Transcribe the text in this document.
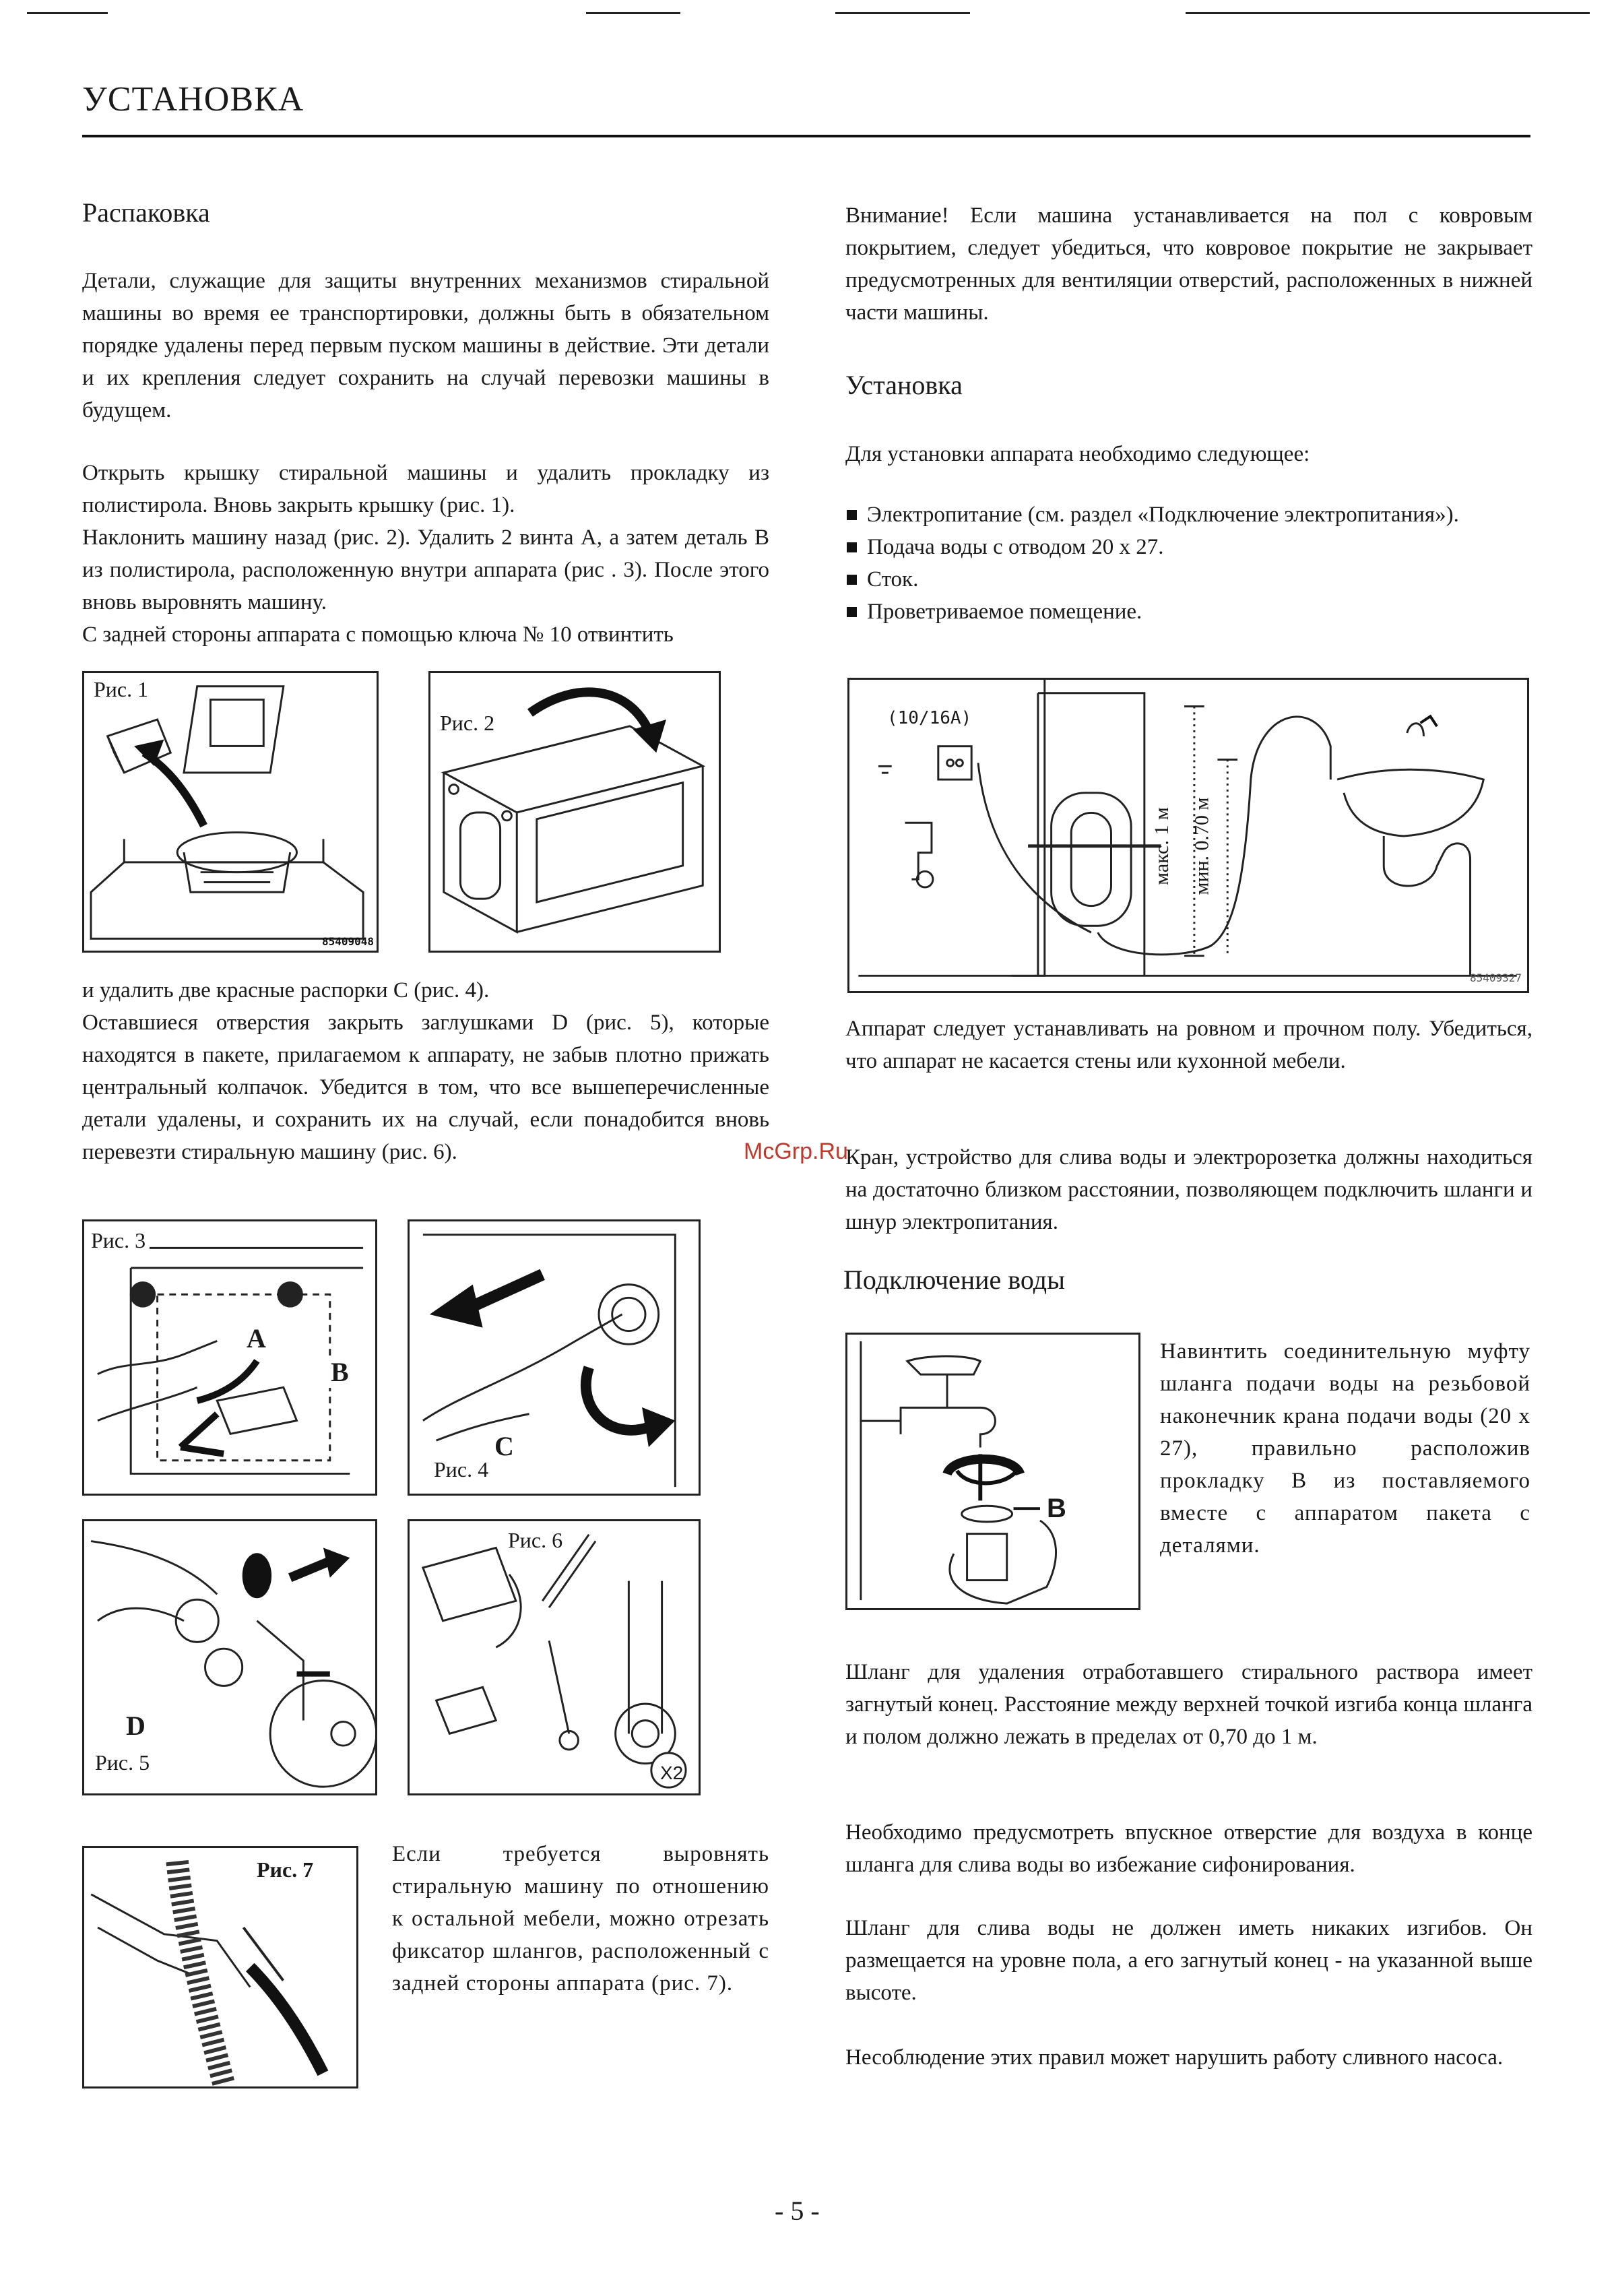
УСТАНОВКА
Распаковка
Детали, служащие для защиты внутренних механизмов стиральной машины во время ее транспортировки, должны быть в обязательном порядке удалены перед первым пуском машины в действие. Эти детали и их крепления следует сохранить на случай перевозки машины в будущем.
Открыть крышку стиральной машины и удалить прокладку из полистирола. Вновь закрыть крышку (рис. 1).
Наклонить машину назад (рис. 2). Удалить 2 винта A, а затем деталь B из полистирола, расположенную внутри аппарата (рис . 3). После этого вновь выровнять машину.
С задней стороны аппарата с помощью ключа № 10 отвинтить
Рис. 1
85409048
Рис. 2
и удалить две красные распорки C (рис. 4).
Оставшиеся отверстия закрыть заглушками D (рис. 5), которые находятся в пакете, прилагаемом к аппарату, не забыв плотно прижать центральный колпачок. Убедится в том, что все вышеперечисленные детали удалены, и сохранить их на случай, если понадобится вновь перевезти стиральную машину (рис. 6).
Рис. 3
A
B
Рис. 4
C
D
Рис. 5
Рис. 6
X2
Рис. 7
Если требуется выровнять стиральную машину по отношению к остальной мебели, можно отрезать фиксатор шлангов, расположенный с задней стороны аппарата (рис. 7).
Внимание! Если машина устанавливается на пол с ковровым покрытием, следует убедиться, что ковровое покрытие не закрывает предусмотренных для вентиляции отверстий, расположенных в нижней части машины.
Установка
Для установки аппарата необходимо следующее:
Электропитание (см. раздел «Подключение электропитания»).
Подача воды с отводом 20 x 27.
Сток.
Проветриваемое помещение.
(10/16A)
макс. 1 м мин. 0.70 м
85409327
Аппарат следует устанавливать на ровном и прочном полу. Убедиться, что аппарат не касается стены или кухонной мебели.
Кран, устройство для слива воды и электророзетка должны находиться на достаточно близком расстоянии, позволяющем подключить шланги и шнур электропитания.
Подключение воды
B
Навинтить соединительную муфту шланга подачи воды на резьбовой наконечник крана подачи воды (20 x 27), правильно расположив прокладку B из поставляемого вместе с аппаратом пакета с деталями.
Шланг для удаления отработавшего стирального раствора имеет загнутый конец. Расстояние между верхней точкой изгиба конца шланга и полом должно лежать в пределах от 0,70 до 1 м.
Необходимо предусмотреть впускное отверстие для воздуха в конце шланга для слива воды во избежание сифонирования.
Шланг для слива воды не должен иметь никаких изгибов. Он размещается на уровне пола, а его загнутый конец - на указанной выше высоте.
Несоблюдение этих правил может нарушить работу сливного насоса.
McGrp.Ru
- 5 -
